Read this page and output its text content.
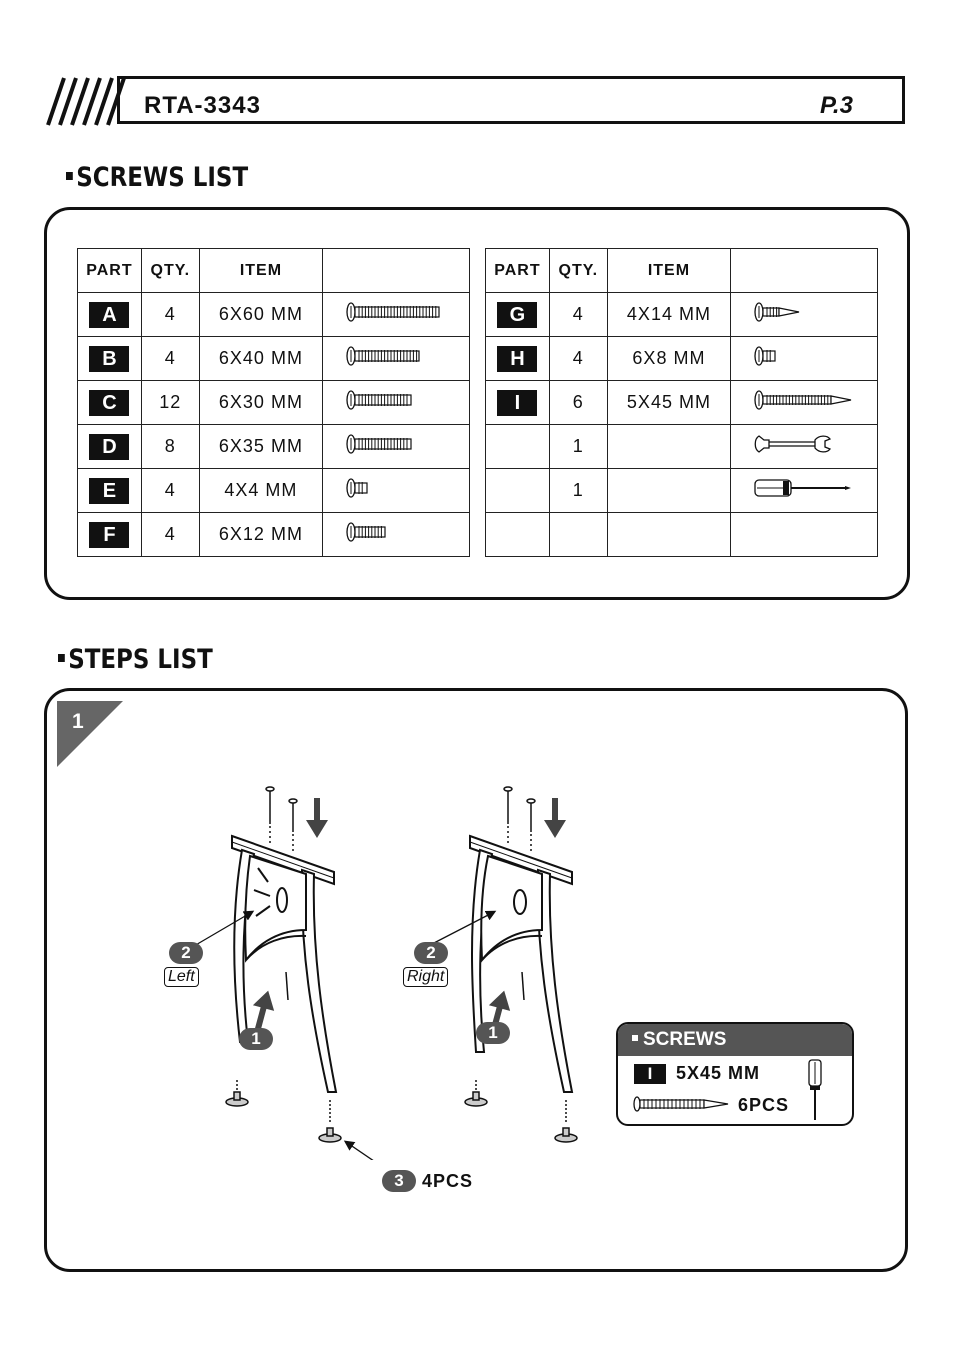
RTA-3343	P.3
SCREWS LIST
PART	QTY.	ITEM	
A	4	6X60 MM	
B	4	6X40 MM	
C	12	6X30 MM	
D	8	6X35 MM	
E	4	4X4 MM	
F	4	6X12 MM	
PART	QTY.	ITEM	
G	4	4X14 MM	
H	4	6X8 MM	
I	6	5X45 MM	
	1		
	1		

STEPS LIST
1
2
Left
1
2
Right
1
3	4PCS
SCREWS
I	5X45 MM
6PCS
